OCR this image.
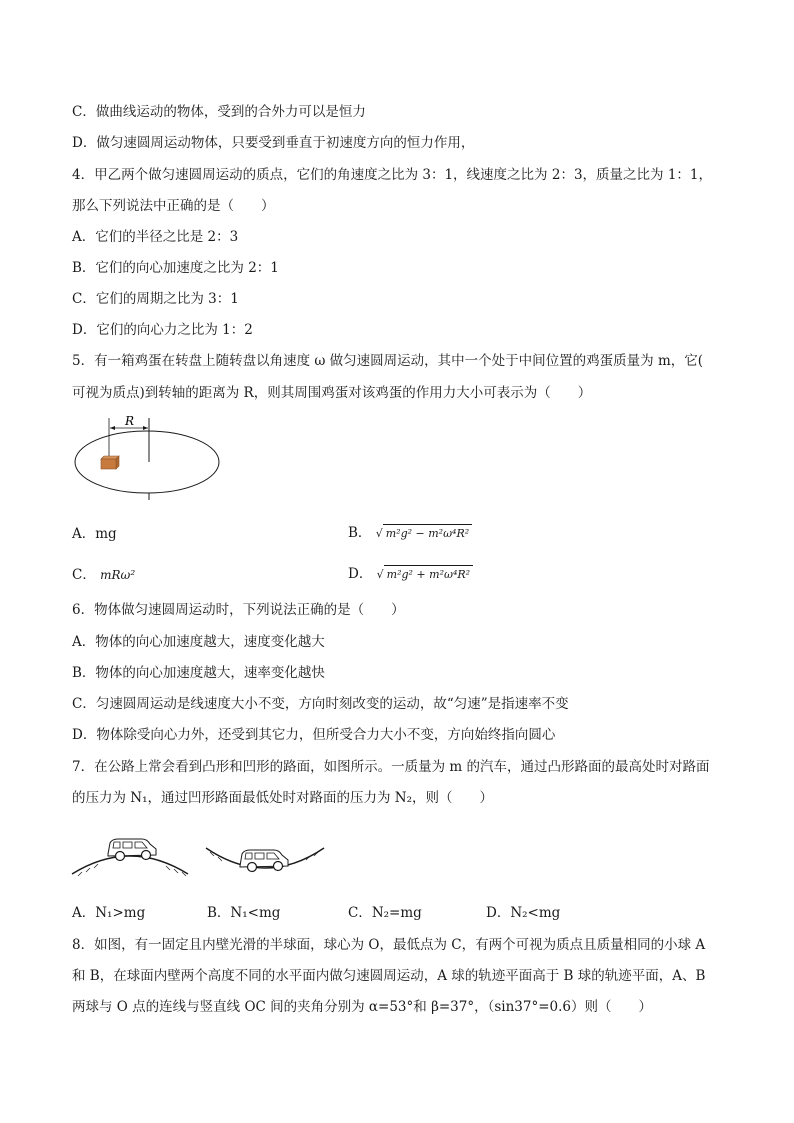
C．做曲线运动的物体，受到的合外力可以是恒力
D．做匀速圆周运动物体，只要受到垂直于初速度方向的恒力作用，
4．甲乙两个做匀速圆周运动的质点，它们的角速度之比为 3：1，线速度之比为 2：3，质量之比为 1：1，
那么下列说法中正确的是（　　）
A．它们的半径之比是 2：3
B．它们的向心加速度之比为 2：1
C．它们的周期之比为 3：1
D．它们的向心力之比为 1：2
5．有一箱鸡蛋在转盘上随转盘以角速度 ω 做匀速圆周运动，其中一个处于中间位置的鸡蛋质量为 m，它(
可视为质点)到转轴的距离为 R，则其周围鸡蛋对该鸡蛋的作用力大小可表示为（　　）
R
A．mg	B． √ m²g² − m²ω⁴R²
C． mRω²	D． √ m²g² + m²ω⁴R²
6．物体做匀速圆周运动时，下列说法正确的是（　　）
A．物体的向心加速度越大，速度变化越大
B．物体的向心加速度越大，速率变化越快
C．匀速圆周运动是线速度大小不变，方向时刻改变的运动，故“匀速”是指速率不变
D．物体除受向心力外，还受到其它力，但所受合力大小不变，方向始终指向圆心
7．在公路上常会看到凸形和凹形的路面，如图所示。一质量为 m 的汽车，通过凸形路面的最高处时对路面
的压力为 N₁，通过凹形路面最低处时对路面的压力为 N₂，则（　　）
A．N₁>mg	B．N₁<mg	C．N₂=mg	D．N₂<mg
8．如图，有一固定且内壁光滑的半球面，球心为 O，最低点为 C，有两个可视为质点且质量相同的小球 A
和 B，在球面内壁两个高度不同的水平面内做匀速圆周运动，A 球的轨迹平面高于 B 球的轨迹平面，A、B
两球与 O 点的连线与竖直线 OC 间的夹角分别为 α=53°和 β=37°，（sin37°=0.6）则（　　）
